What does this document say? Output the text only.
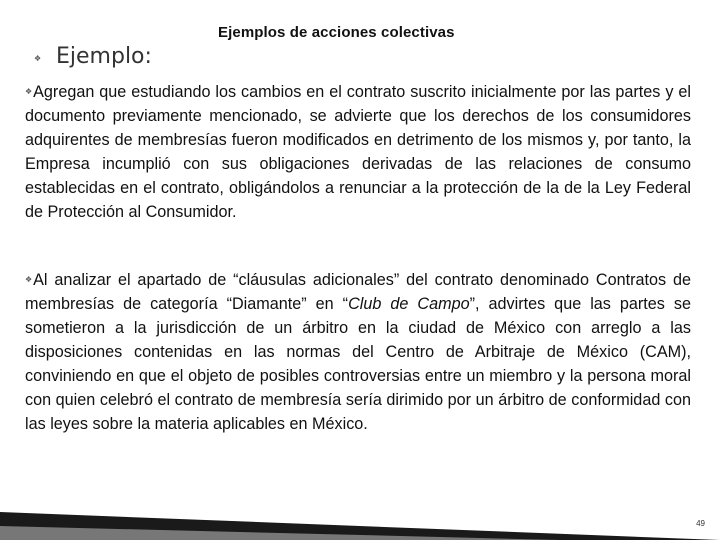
Ejemplos de acciones colectivas
❖ Ejemplo:
❖
       Agregan que estudiando los cambios en el contrato suscrito inicialmente por las partes y el documento previamente mencionado, se advierte que los derechos de los consumidores adquirentes de membresías fueron modificados en detrimento de los mismos y, por tanto, la Empresa incumplió con sus obligaciones derivadas de las relaciones de consumo establecidas en el contrato, obligándolos a renunciar a la protección de la de la Ley Federal de Protección al Consumidor.
❖
       Al analizar el apartado de “cláusulas adicionales” del contrato denominado Contratos de membresías de categoría “Diamante” en “Club de Campo”, advirtes que las partes se sometieron a la jurisdicción de un árbitro en la ciudad de México con arreglo a las disposiciones contenidas en las normas del Centro de Arbitraje de México (CAM), conviniendo en que el objeto de posibles controversias entre un miembro y la persona moral con quien celebró el contrato de membresía sería dirimido por un árbitro de conformidad con las leyes sobre la materia aplicables en México.
49
